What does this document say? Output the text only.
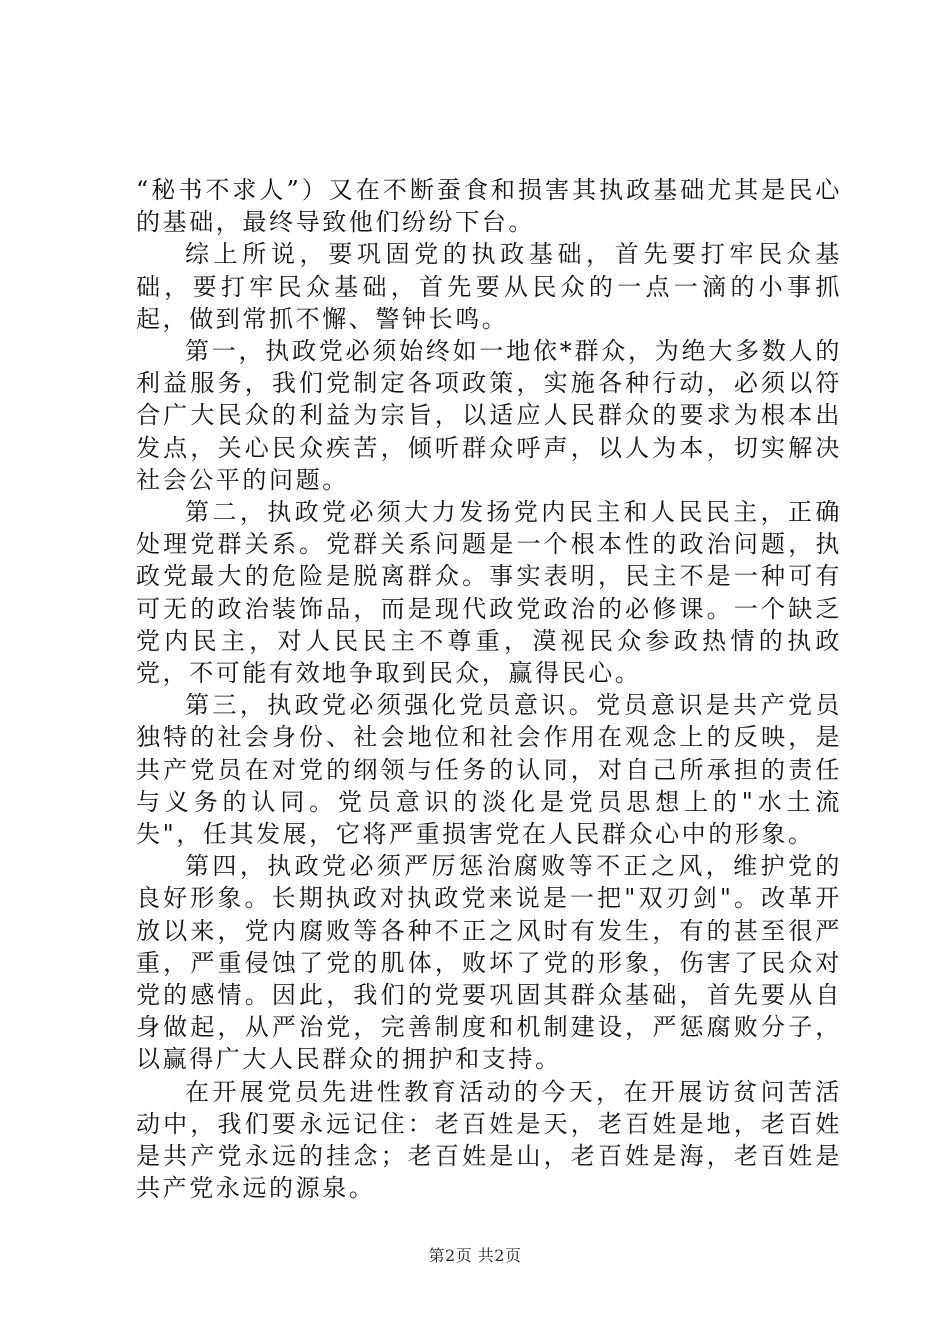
“秘书不求人”）又在不断蚕食和损害其执政基础尤其是民心的基础，最终导致他们纷纷下台。

综上所说，要巩固党的执政基础，首先要打牢民众基础，要打牢民众基础，首先要从民众的一点一滴的小事抓起，做到常抓不懈、警钟长鸣。

第一，执政党必须始终如一地依*群众，为绝大多数人的利益服务，我们党制定各项政策，实施各种行动，必须以符合广大民众的利益为宗旨，以适应人民群众的要求为根本出发点，关心民众疾苦，倾听群众呼声，以人为本，切实解决社会公平的问题。

第二，执政党必须大力发扬党内民主和人民民主，正确处理党群关系。党群关系问题是一个根本性的政治问题，执政党最大的危险是脱离群众。事实表明，民主不是一种可有可无的政治装饰品，而是现代政党政治的必修课。一个缺乏党内民主，对人民民主不尊重，漠视民众参政热情的执政党，不可能有效地争取到民众，赢得民心。

第三，执政党必须强化党员意识。党员意识是共产党员独特的社会身份、社会地位和社会作用在观念上的反映，是共产党员在对党的纲领与任务的认同，对自己所承担的责任与义务的认同。党员意识的淡化是党员思想上的"水土流失"，任其发展，它将严重损害党在人民群众心中的形象。

第四，执政党必须严厉惩治腐败等不正之风，维护党的良好形象。长期执政对执政党来说是一把"双刃剑"。改革开放以来，党内腐败等各种不正之风时有发生，有的甚至很严重，严重侵蚀了党的肌体，败坏了党的形象，伤害了民众对党的感情。因此，我们的党要巩固其群众基础，首先要从自身做起，从严治党，完善制度和机制建设，严惩腐败分子，以赢得广大人民群众的拥护和支持。

在开展党员先进性教育活动的今天，在开展访贫问苦活动中，我们要永远记住：老百姓是天，老百姓是地，老百姓是共产党永远的挂念；老百姓是山，老百姓是海，老百姓是共产党永远的源泉。

第2页 共2页
